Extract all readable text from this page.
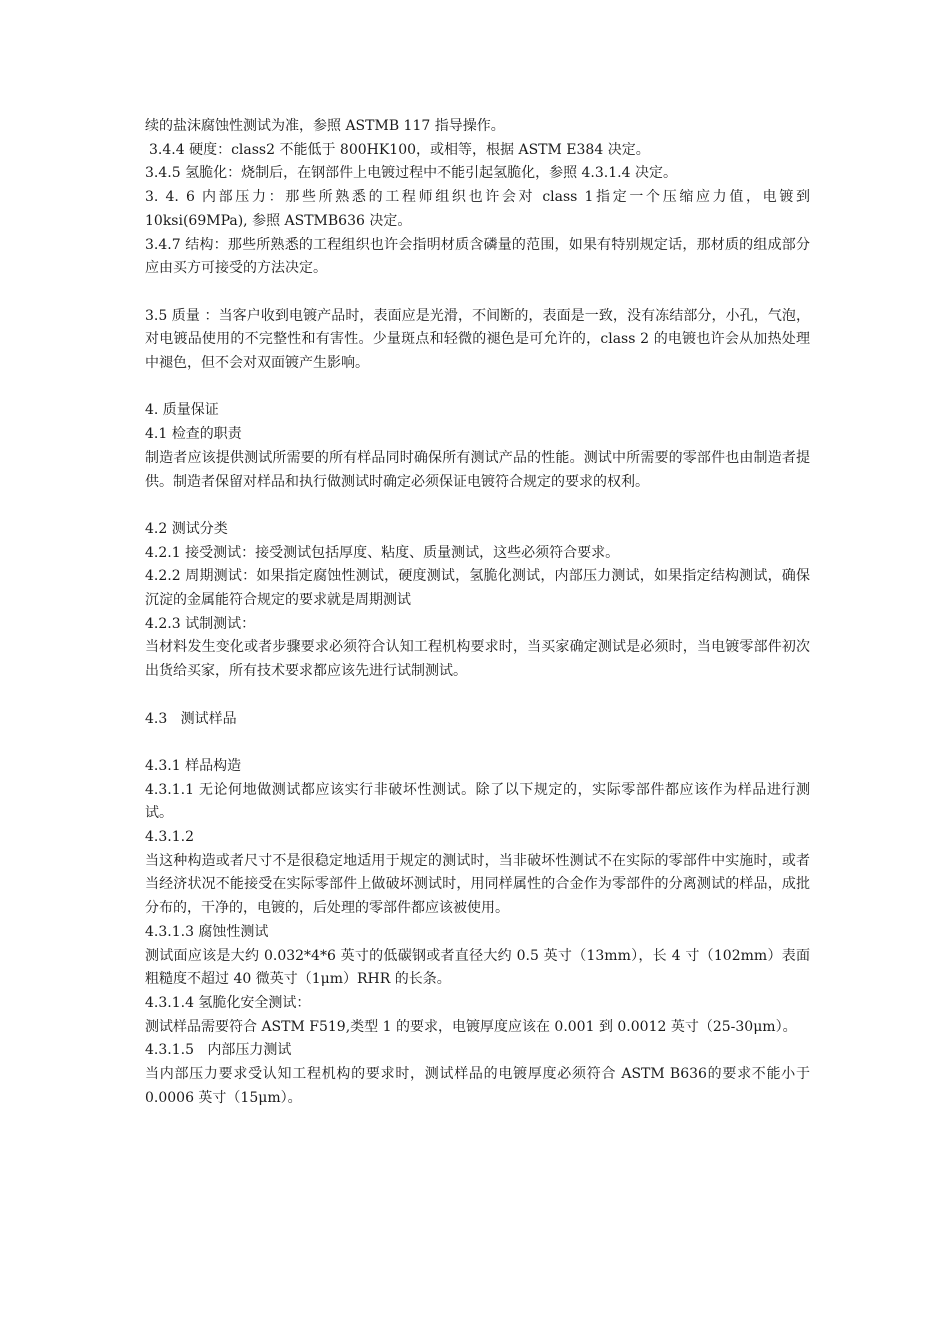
续的盐沫腐蚀性测试为准，参照 ASTMB 117 指导操作。

3.4.4 硬度：class2 不能低于 800HK100，或相等，根据 ASTM E384 决定。

3.4.5 氢脆化：烧制后，在钢部件上电镀过程中不能引起氢脆化，参照 4.3.1.4 决定。

3. 4. 6 内部压力：那些所熟悉的工程师组织也许会对 class 1指定一个压缩应力值，电镀到 10ksi(69MPa), 参照 ASTMB636 决定。

3.4.7 结构：那些所熟悉的工程组织也许会指明材质含磷量的范围，如果有特别规定话，那材质的组成部分应由买方可接受的方法决定。

3.5 质量 ：当客户收到电镀产品时，表面应是光滑，不间断的，表面是一致，没有冻结部分，小孔，气泡，对电镀品使用的不完整性和有害性。少量斑点和轻微的褪色是可允许的，class 2 的电镀也许会从加热处理中褪色，但不会对双面镀产生影响。

4. 质量保证

4.1 检查的职责

制造者应该提供测试所需要的所有样品同时确保所有测试产品的性能。测试中所需要的零部件也由制造者提供。制造者保留对样品和执行做测试时确定必须保证电镀符合规定的要求的权利。

4.2 测试分类

4.2.1 接受测试：接受测试包括厚度、粘度、质量测试，这些必须符合要求。

4.2.2 周期测试：如果指定腐蚀性测试，硬度测试，氢脆化测试，内部压力测试，如果指定结构测试，确保沉淀的金属能符合规定的要求就是周期测试

4.2.3 试制测试：

当材料发生变化或者步骤要求必须符合认知工程机构要求时，当买家确定测试是必须时，当电镀零部件初次出货给买家，所有技术要求都应该先进行试制测试。

4.3   测试样品

4.3.1 样品构造

4.3.1.1 无论何地做测试都应该实行非破坏性测试。除了以下规定的，实际零部件都应该作为样品进行测试。

4.3.1.2

当这种构造或者尺寸不是很稳定地适用于规定的测试时，当非破坏性测试不在实际的零部件中实施时，或者 当经济状况不能接受在实际零部件上做破坏测试时，用同样属性的合金作为零部件的分离测试的样品，成批分布的，干净的，电镀的，后处理的零部件都应该被使用。

4.3.1.3 腐蚀性测试

测试面应该是大约 0.032*4*6 英寸的低碳钢或者直径大约 0.5 英寸（13mm），长 4 寸（102mm）表面粗糙度不超过 40 微英寸（1μm）RHR 的长条。

4.3.1.4 氢脆化安全测试：

测试样品需要符合 ASTM F519,类型 1 的要求，电镀厚度应该在 0.001 到 0.0012 英寸（25-30μm）。

4.3.1.5   内部压力测试

当内部压力要求受认知工程机构的要求时，测试样品的电镀厚度必须符合 ASTM B636的要求不能小于 0.0006 英寸（15μm）。
